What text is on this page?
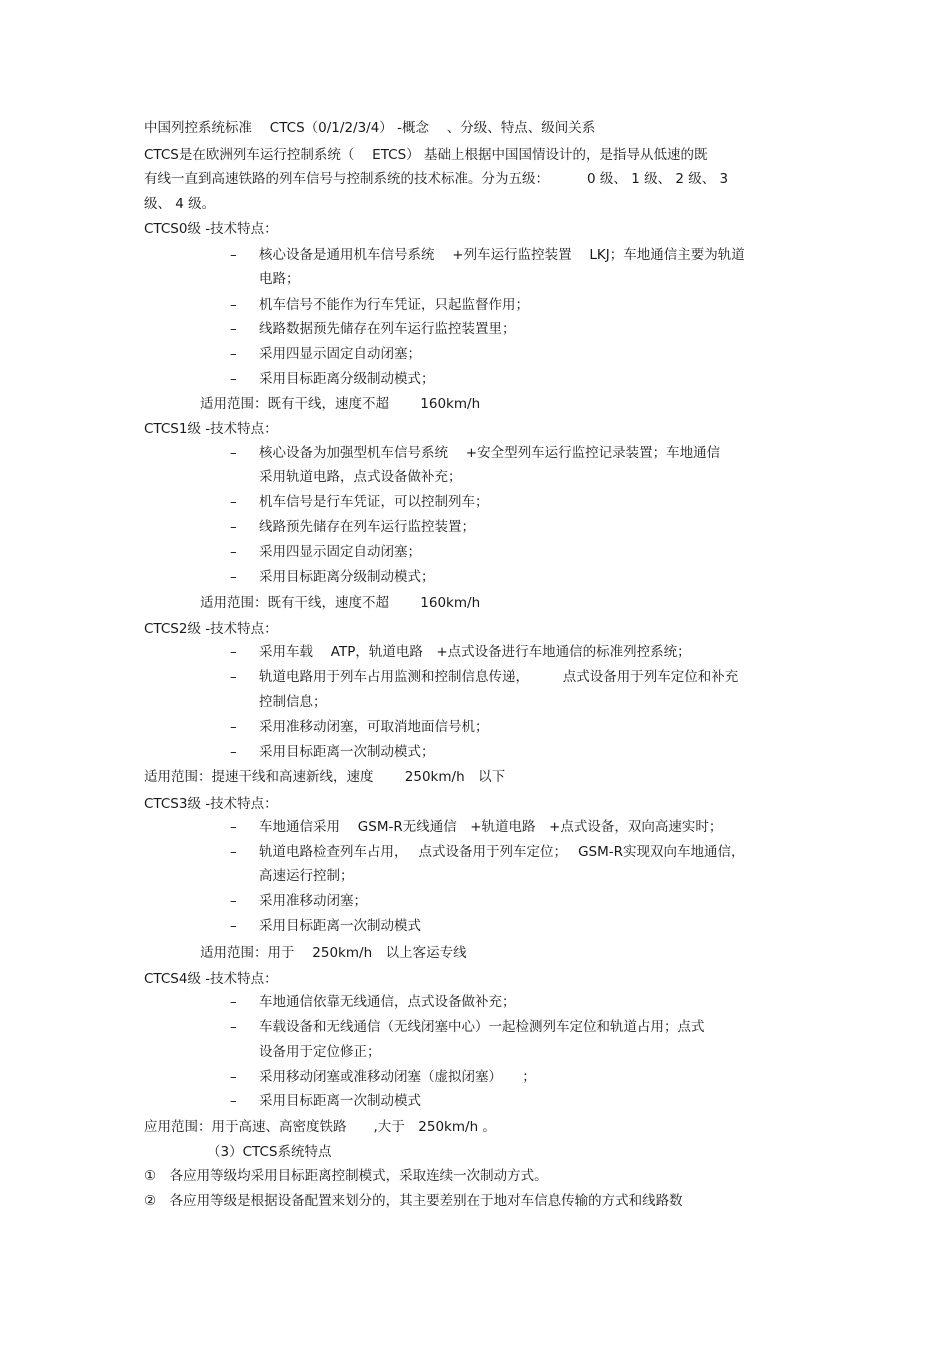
中国列控系统标准　 CTCS（0/1/2/3/4） -概念　 、分级、特点、级间关系
CTCS是在欧洲列车运行控制系统（　 ETCS） 基础上根据中国国情设计的，是指导从低速的既
有线一直到高速铁路的列车信号与控制系统的技术标准。分为五级：　　　 0 级、 1 级、 2 级、 3
级、 4 级。
CTCS0级 -技术特点：
– 核心设备是通用机车信号系统　 +列车运行监控装置　 LKJ；车地通信主要为轨道
电路；
– 机车信号不能作为行车凭证，只起监督作用；
– 线路数据预先储存在列车运行监控装置里；
– 采用四显示固定自动闭塞；
– 采用目标距离分级制动模式；
适用范围：既有干线，速度不超　　 160km/h
CTCS1级 -技术特点：
– 核心设备为加强型机车信号系统　 +安全型列车运行监控记录装置；车地通信
采用轨道电路，点式设备做补充；
– 机车信号是行车凭证，可以控制列车；
– 线路预先储存在列车运行监控装置；
– 采用四显示固定自动闭塞；
– 采用目标距离分级制动模式；
适用范围：既有干线，速度不超　　 160km/h
CTCS2级 -技术特点：
– 采用车载　 ATP，轨道电路　+点式设备进行车地通信的标准列控系统；
– 轨道电路用于列车占用监测和控制信息传递，　　　点式设备用于列车定位和补充
控制信息；
– 采用准移动闭塞，可取消地面信号机；
– 采用目标距离一次制动模式；
适用范围：提速干线和高速新线，速度　　 250km/h　以下
CTCS3级 -技术特点：
– 车地通信采用　 GSM-R无线通信　+轨道电路　+点式设备，双向高速实时；
– 轨道电路检查列车占用，　 点式设备用于列车定位；　 GSM-R实现双向车地通信，
高速运行控制；
– 采用准移动闭塞；
– 采用目标距离一次制动模式
适用范围：用于　 250km/h　以上客运专线
CTCS4级 -技术特点：
– 车地通信依靠无线通信，点式设备做补充；
– 车载设备和无线通信（无线闭塞中心）一起检测列车定位和轨道占用；点式
设备用于定位修正；
– 采用移动闭塞或准移动闭塞（虚拟闭塞）　　；
– 采用目标距离一次制动模式
应用范围：用于高速、高密度铁路　　,大于　250km/h 。
（3）CTCS系统特点
①　各应用等级均采用目标距离控制模式，采取连续一次制动方式。
②　各应用等级是根据设备配置来划分的，其主要差别在于地对车信息传输的方式和线路数
